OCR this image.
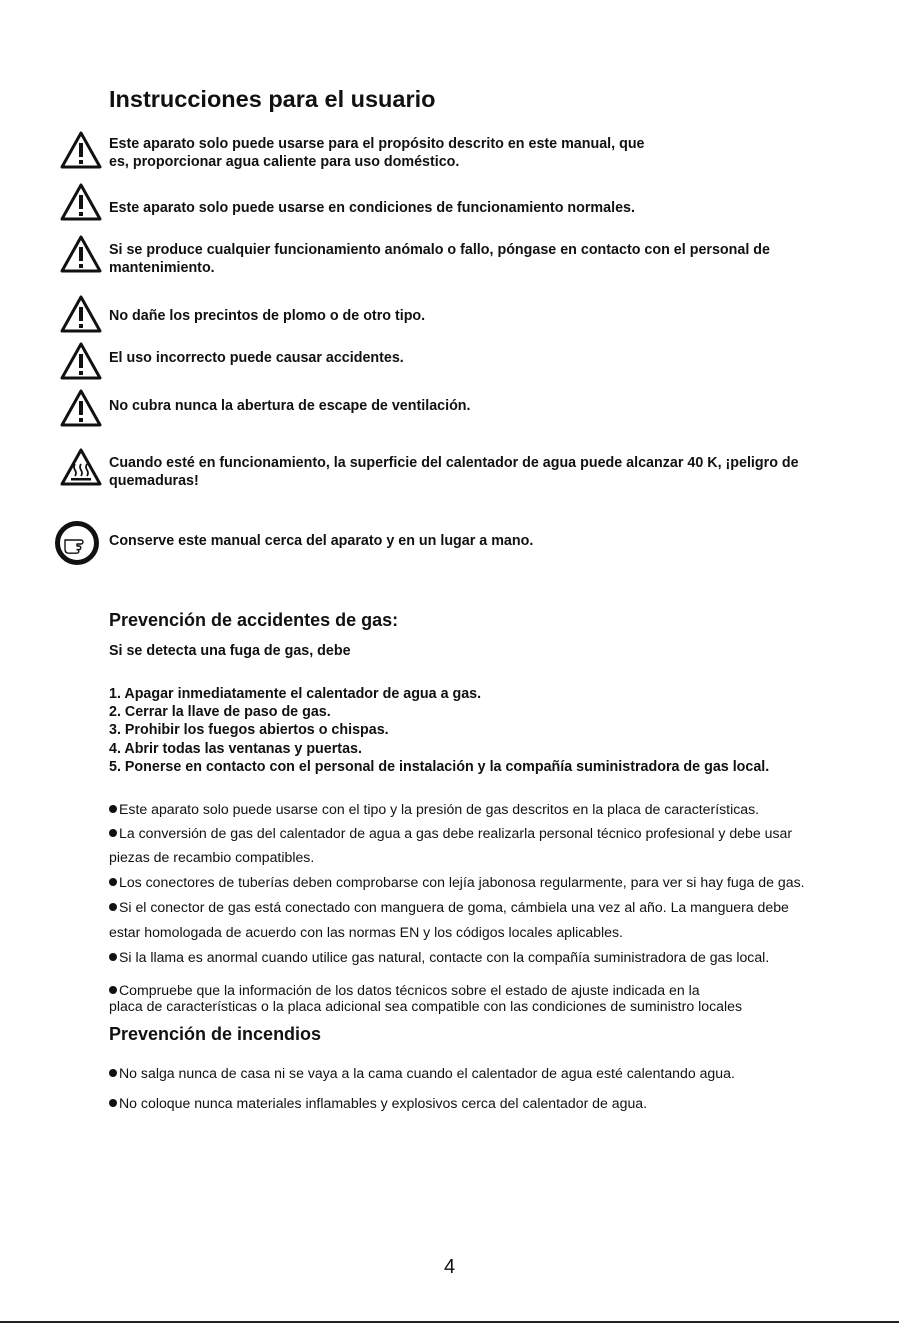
Instrucciones para el usuario
Este aparato solo puede usarse para el propósito descrito en este manual, que
es, proporcionar agua caliente para uso doméstico.
Este aparato solo puede usarse en condiciones de funcionamiento normales.
Si se produce cualquier funcionamiento anómalo o fallo, póngase en contacto con el personal de
mantenimiento.
No dañe los precintos de plomo o de otro tipo.
El uso incorrecto puede causar accidentes.
No cubra nunca la abertura de escape de ventilación.
Cuando esté en funcionamiento, la superficie del calentador de agua puede alcanzar 40 K, ¡peligro de
quemaduras!
Conserve este manual cerca del aparato y en un lugar a mano.
Prevención de accidentes de gas:
Si se detecta una fuga de gas, debe
1. Apagar inmediatamente el calentador de agua a gas.
2. Cerrar la llave de paso de gas.
3. Prohibir los fuegos abiertos o chispas.
4. Abrir todas las ventanas y puertas.
5. Ponerse en contacto con el personal de instalación y la compañía suministradora de gas local.
Este aparato solo puede usarse con el tipo y la presión de gas descritos en la placa de características.
La conversión de gas del calentador de agua a gas debe realizarla personal técnico profesional y debe usar
piezas de recambio compatibles.
Los conectores de tuberías deben comprobarse con lejía jabonosa regularmente, para ver si hay fuga de gas.
Si el conector de gas está conectado con manguera de goma, cámbiela una vez al año. La manguera debe
estar homologada de acuerdo con las normas EN y los códigos locales aplicables.
Si la llama es anormal cuando utilice gas natural, contacte con la compañía suministradora de gas local.
Compruebe que la información de los datos técnicos sobre el estado de ajuste indicada en la
placa de características o la placa adicional sea compatible con las condiciones de suministro locales
Prevención de incendios
No salga nunca de casa ni se vaya a la cama cuando el calentador de agua esté calentando agua.
No coloque nunca materiales inflamables y explosivos cerca del calentador de agua.
4
